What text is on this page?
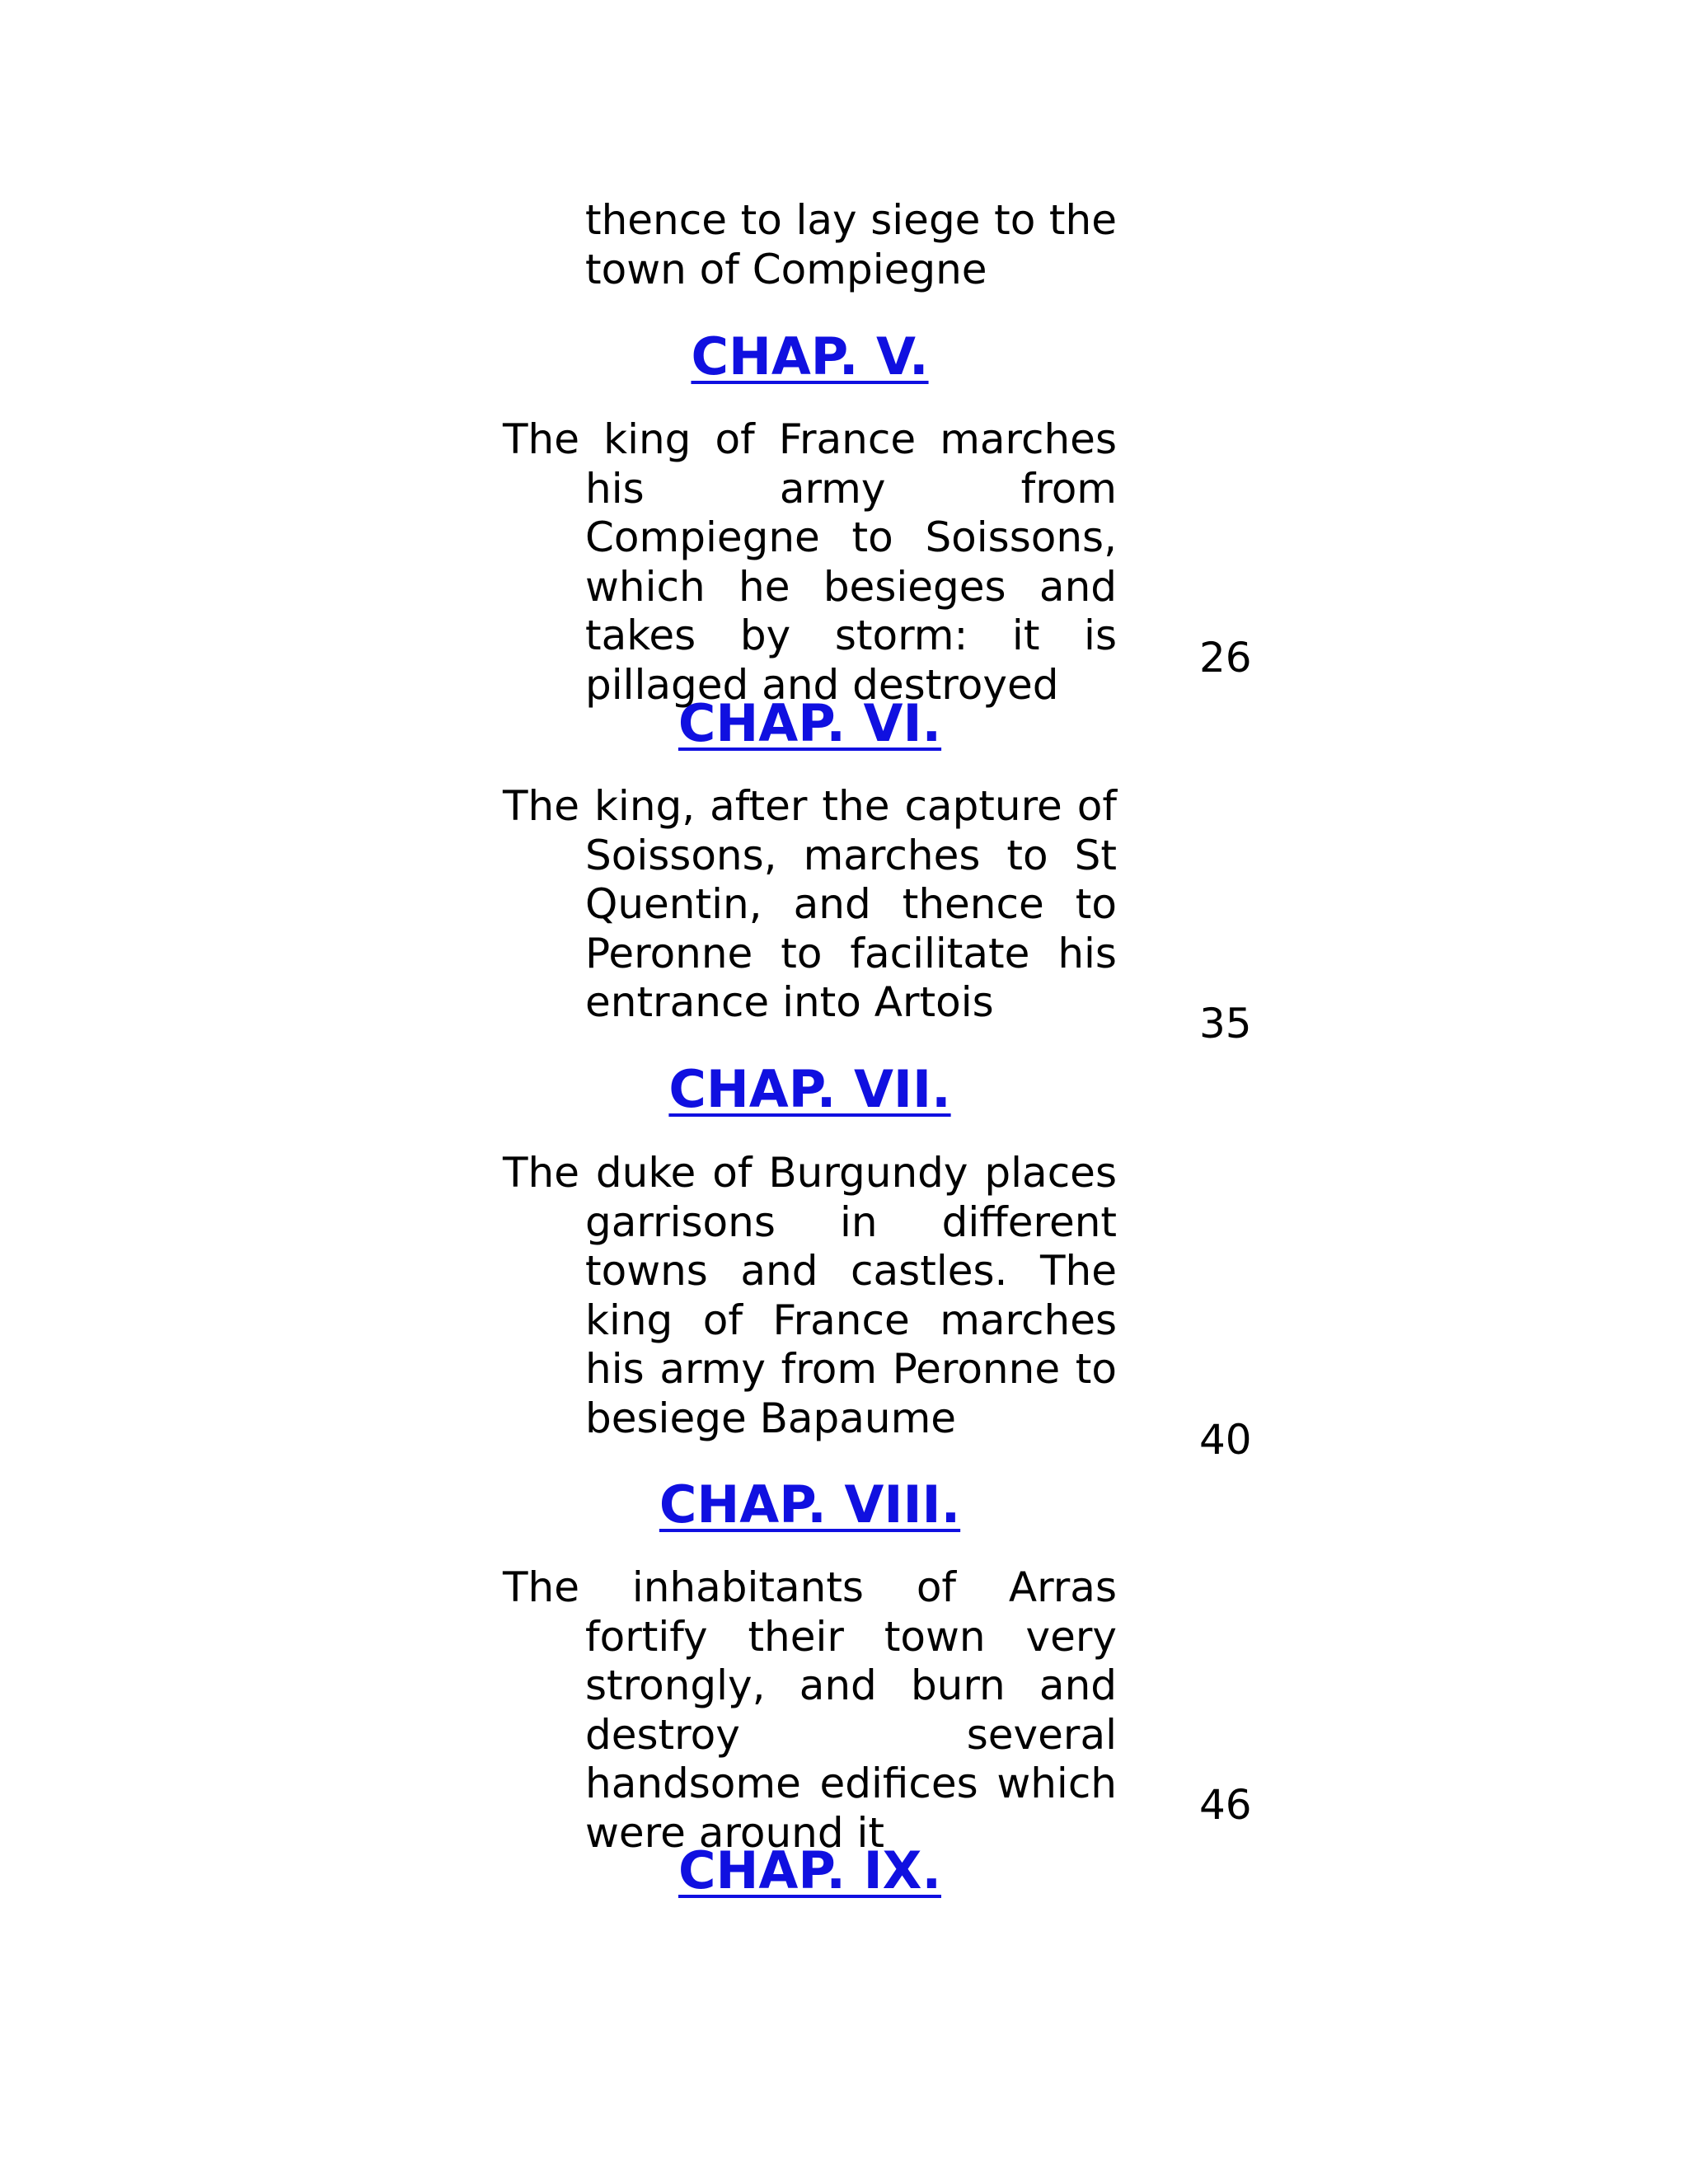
thence to lay siege to the town of Compiegne

CHAP. V.

The king of France marches his army from Compiegne to Soissons, which he besieges and takes by storm: it is pillaged and destroyed

26
CHAP. VI.

The king, after the capture of Soissons, marches to St Quentin, and thence to Peronne to facilitate his entrance into Artois	35
CHAP. VII.

The duke of Burgundy places garrisons in different towns and castles. The king of France marches his army from Peronne to besiege Bapaume	40
CHAP. VIII.

The inhabitants of Arras fortify their town very strongly, and burn and destroy several handsome edifices which were around it

46
CHAP. IX.
